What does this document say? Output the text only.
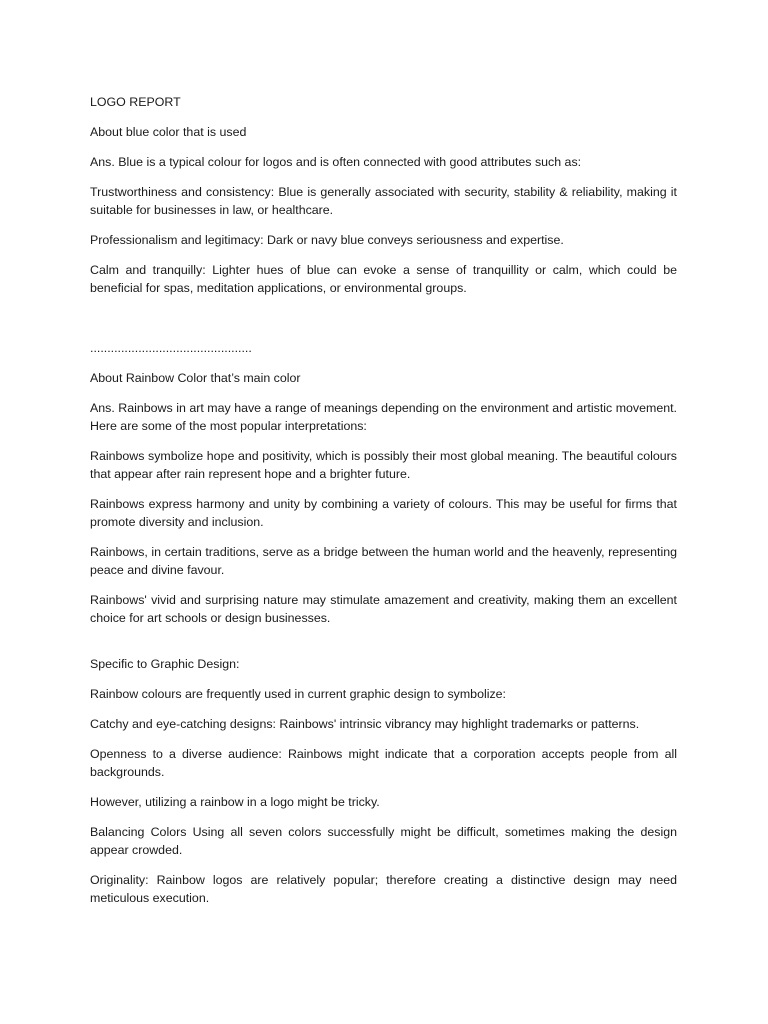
LOGO REPORT

About blue color that is used

Ans. Blue is a typical colour for logos and is often connected with good attributes such as:

Trustworthiness and consistency: Blue is generally associated with security, stability & reliability, making it suitable for businesses in law, or healthcare.

Professionalism and legitimacy: Dark or navy blue conveys seriousness and expertise.

Calm and tranquilly: Lighter hues of blue can evoke a sense of tranquillity or calm, which could be beneficial for spas, meditation applications, or environmental groups.

...............................................

About Rainbow Color that’s main color

Ans. Rainbows in art may have a range of meanings depending on the environment and artistic movement. Here are some of the most popular interpretations:

Rainbows symbolize hope and positivity, which is possibly their most global meaning. The beautiful colours that appear after rain represent hope and a brighter future.

Rainbows express harmony and unity by combining a variety of colours. This may be useful for firms that promote diversity and inclusion.

Rainbows, in certain traditions, serve as a bridge between the human world and the heavenly, representing peace and divine favour.

Rainbows' vivid and surprising nature may stimulate amazement and creativity, making them an excellent choice for art schools or design businesses.

Specific to Graphic Design:

Rainbow colours are frequently used in current graphic design to symbolize:

Catchy and eye-catching designs: Rainbows' intrinsic vibrancy may highlight trademarks or patterns.

Openness to a diverse audience: Rainbows might indicate that a corporation accepts people from all backgrounds.

However, utilizing a rainbow in a logo might be tricky.

Balancing Colors Using all seven colors successfully might be difficult, sometimes making the design appear crowded.

Originality: Rainbow logos are relatively popular; therefore creating a distinctive design may need meticulous execution.
